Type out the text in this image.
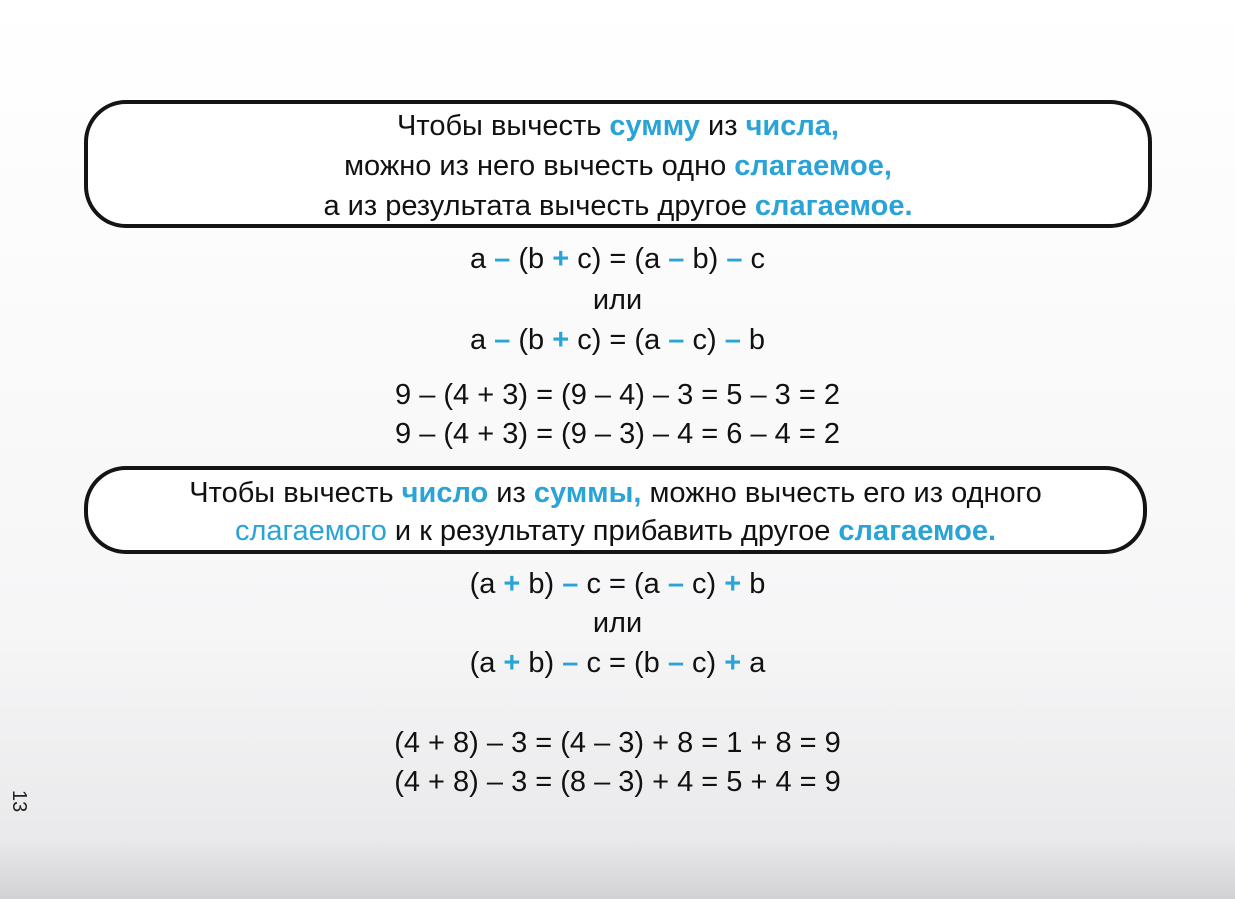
Чтобы вычесть сумму из числа,
можно из него вычесть одно слагаемое,
а из результата вычесть другое слагаемое.
a – (b + c) = (a – b) – c
или
a – (b + c) = (a – c) – b
9 – (4 + 3) = (9 – 4) – 3 = 5 – 3 = 2
9 – (4 + 3) = (9 – 3) – 4 = 6 – 4 = 2
Чтобы вычесть число из суммы, можно вычесть его из одного
слагаемого и к результату прибавить другое слагаемое.
(a + b) – c = (a – c) + b
или
(a + b) – c = (b – c) + a
(4 + 8) – 3 = (4 – 3) + 8 = 1 + 8 = 9
(4 + 8) – 3 = (8 – 3) + 4 = 5 + 4 = 9
13
